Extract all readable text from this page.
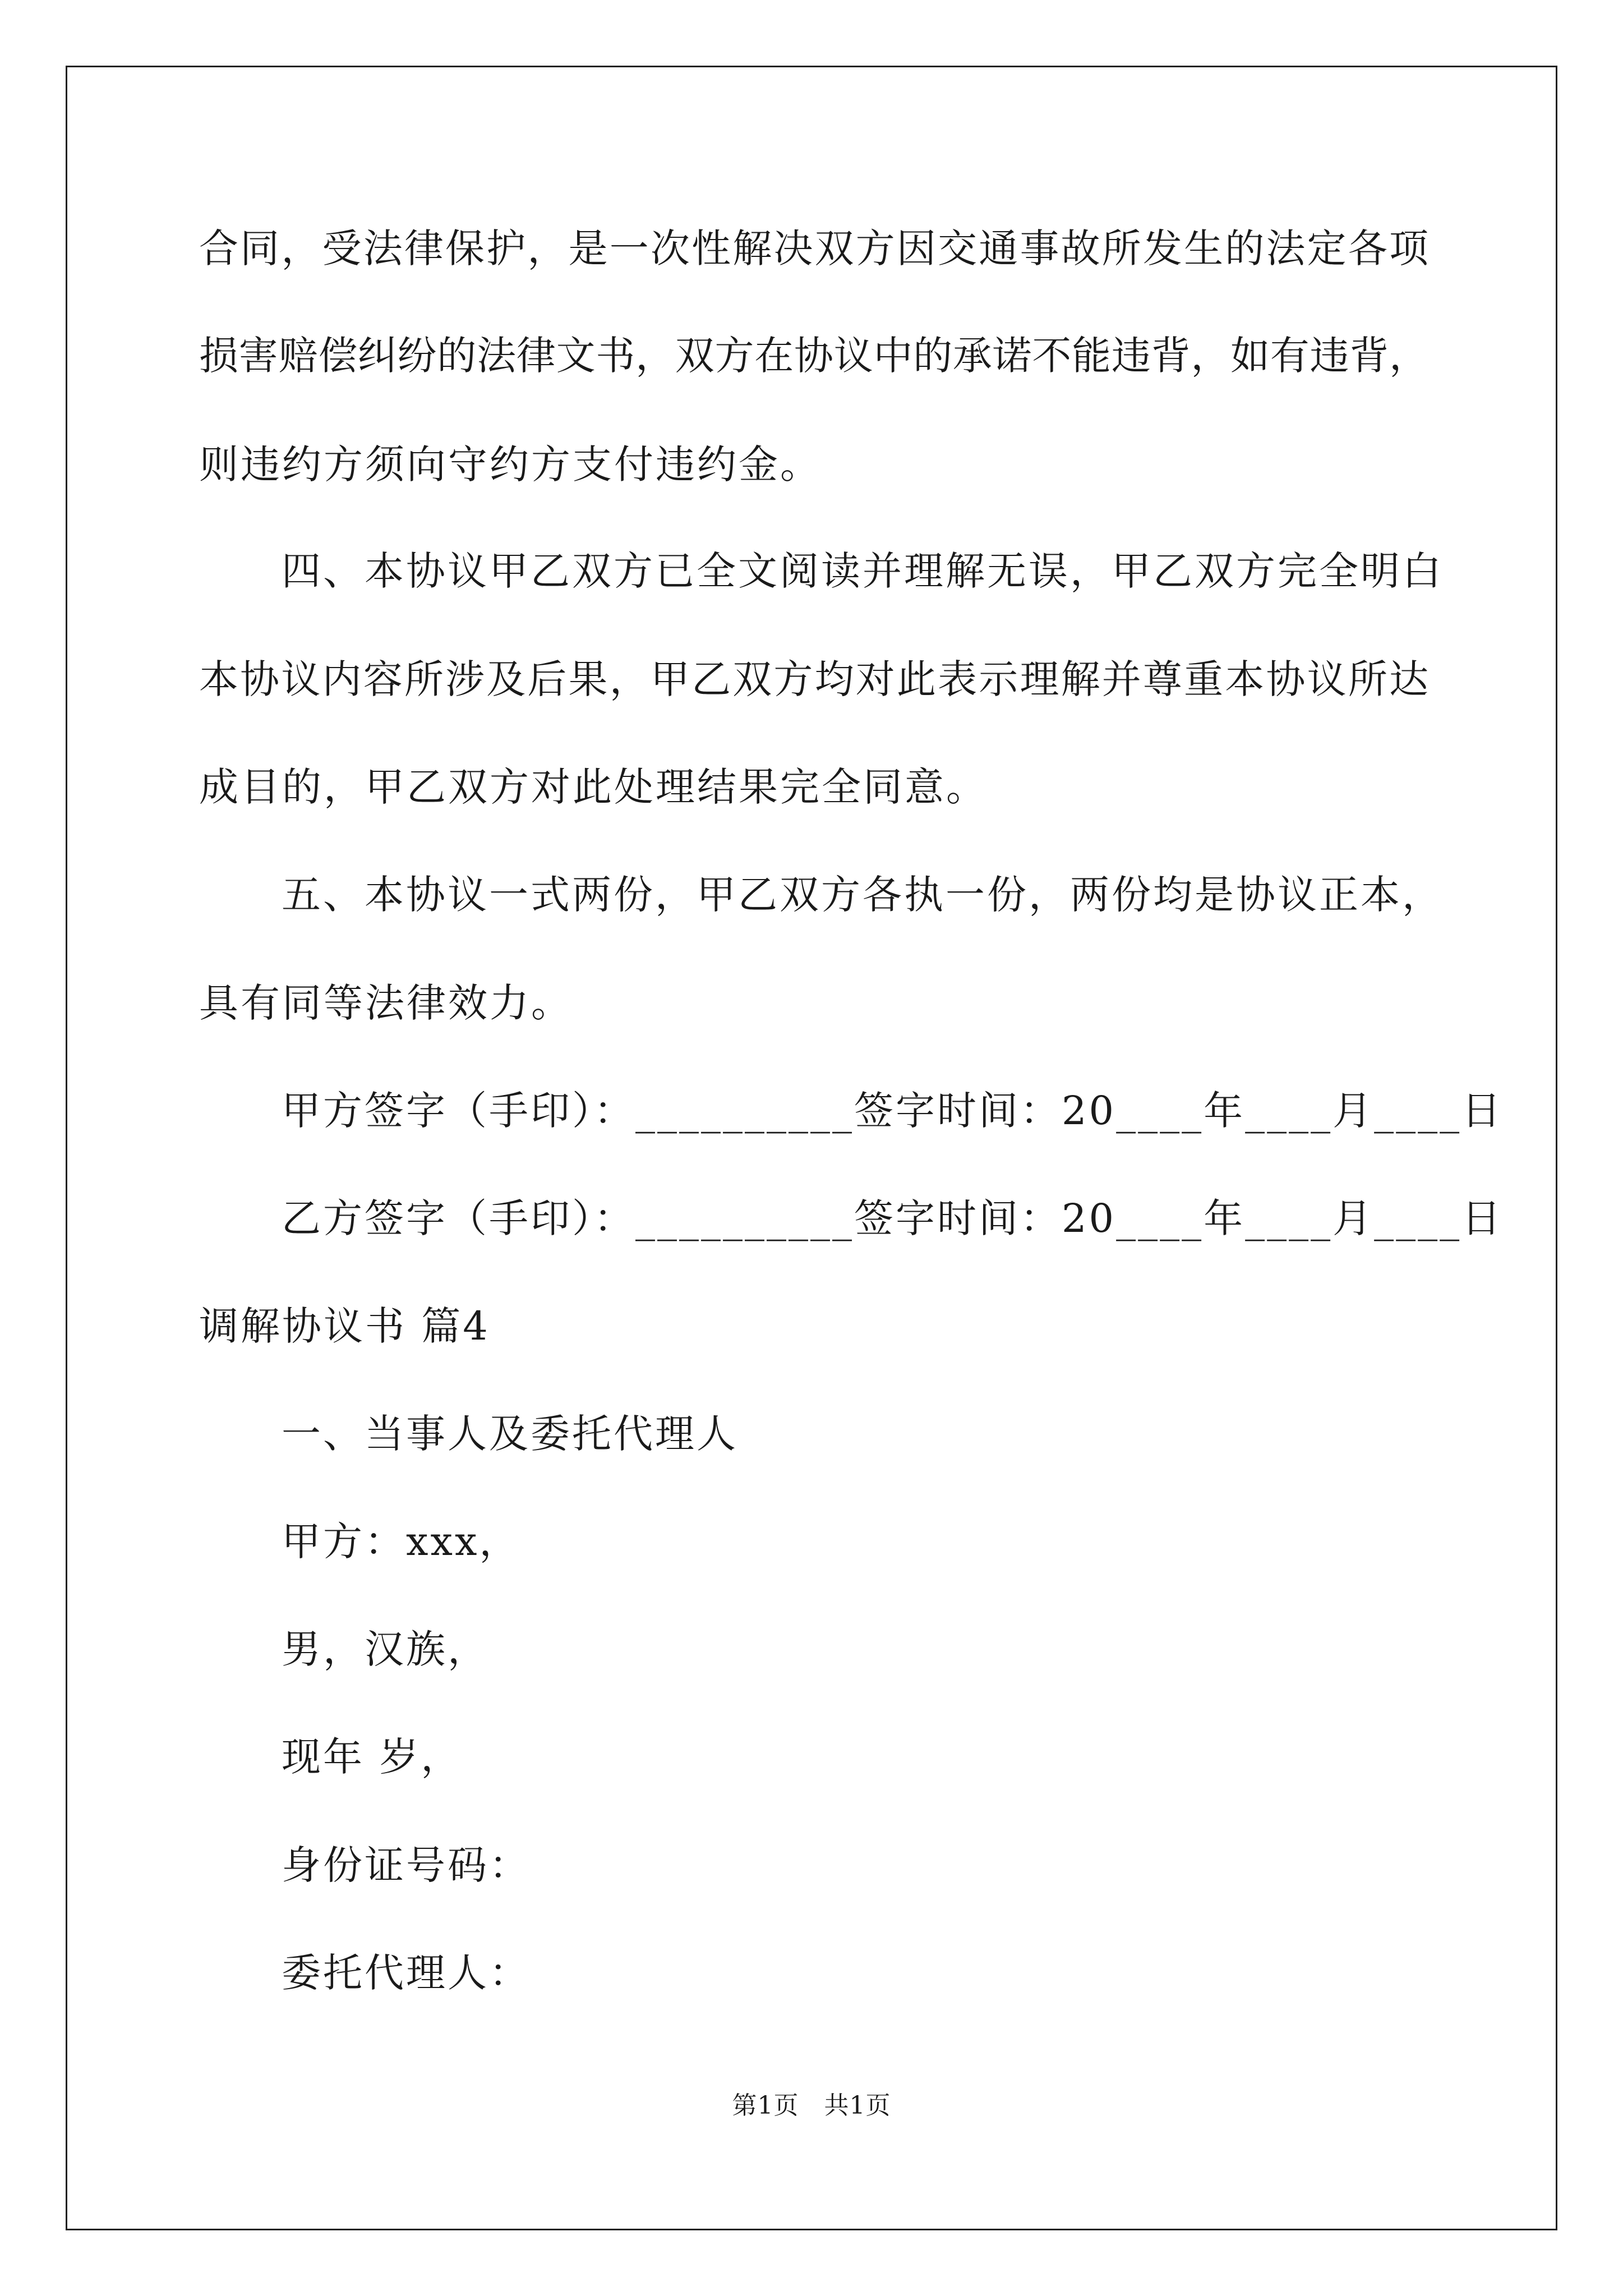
合同，受法律保护，是一次性解决双方因交通事故所发生的法定各项
损害赔偿纠纷的法律文书，双方在协议中的承诺不能违背，如有违背，
则违约方须向守约方支付违约金。
四、本协议甲乙双方已全文阅读并理解无误，甲乙双方完全明白
本协议内容所涉及后果，甲乙双方均对此表示理解并尊重本协议所达
成目的，甲乙双方对此处理结果完全同意。
五、本协议一式两份，甲乙双方各执一份，两份均是协议正本，
具有同等法律效力。
甲方签字（手印）：__________签字时间：20____年____月____日
乙方签字（手印）：__________签字时间：20____年____月____日
调解协议书 篇4
一、当事人及委托代理人
甲方：xxx，
男，汉族，
现年 岁，
身份证号码：
委托代理人：
第1页   共1页
